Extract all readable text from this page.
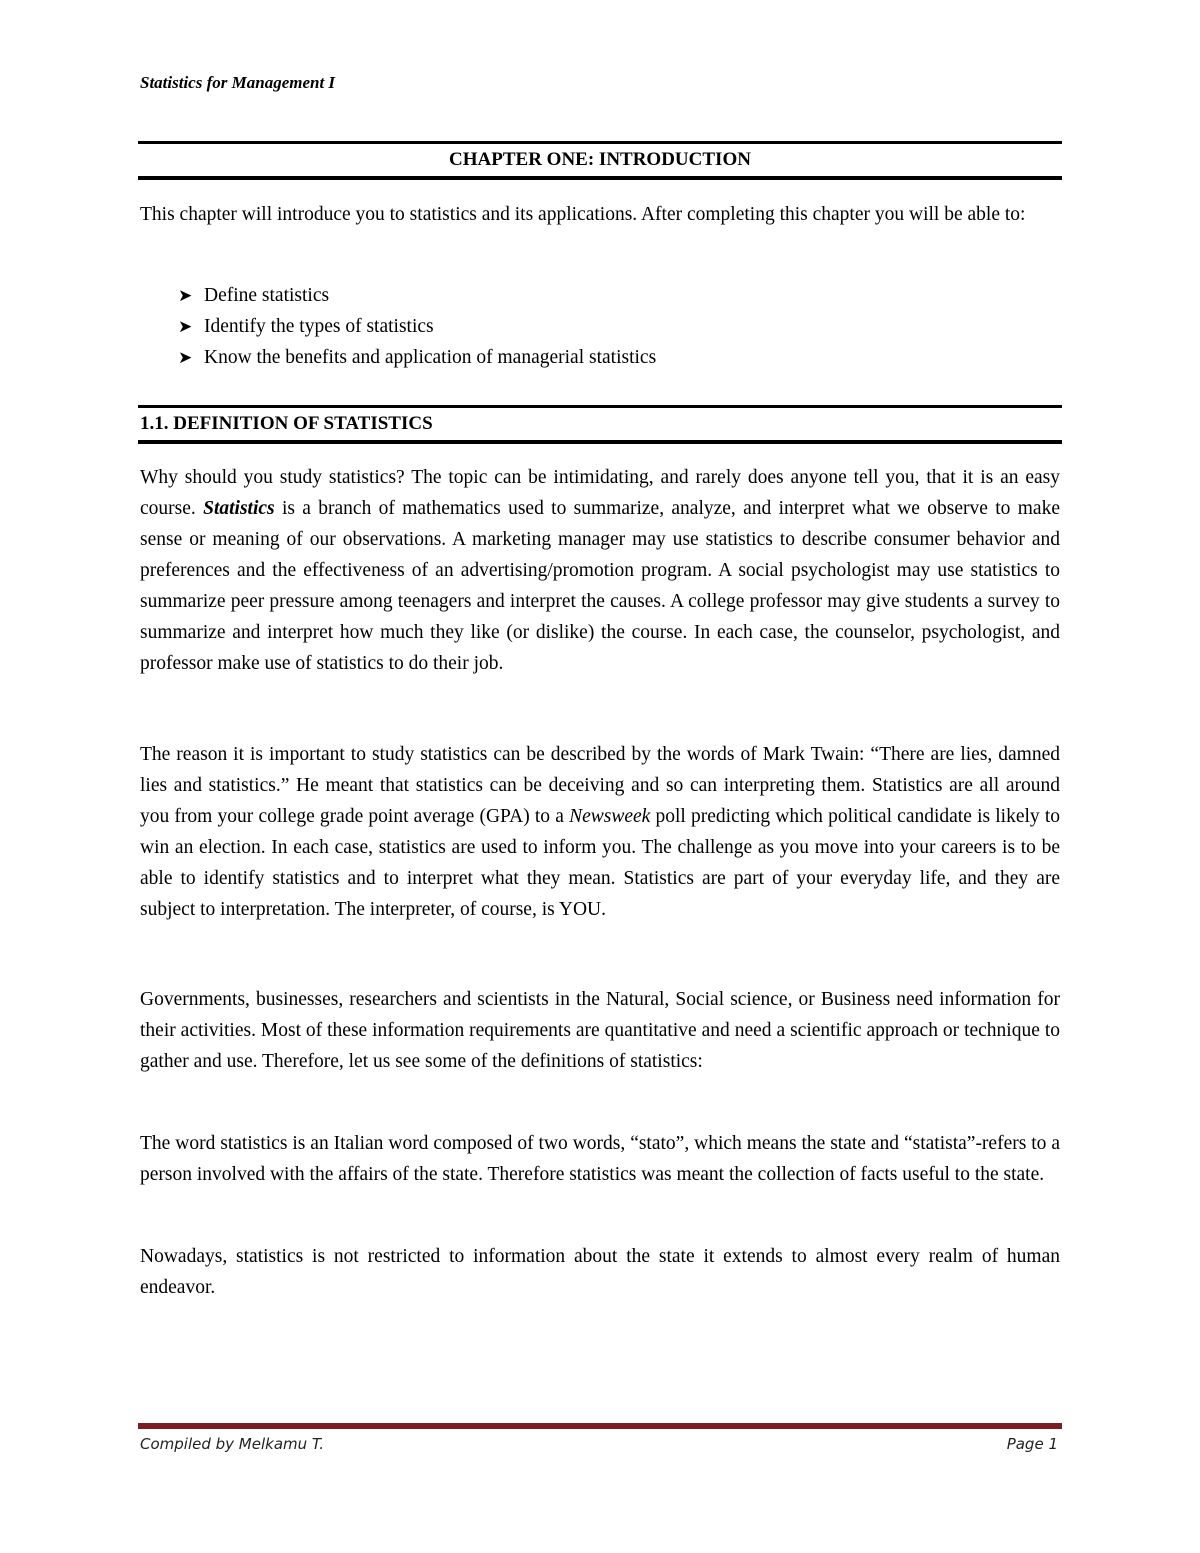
Statistics for Management I

CHAPTER ONE: INTRODUCTION

This chapter will introduce you to statistics and its applications. After completing this chapter you will be able to:

➤ Define statistics
➤ Identify the types of statistics
➤ Know the benefits and application of managerial statistics

1.1. DEFINITION OF STATISTICS

Why should you study statistics? The topic can be intimidating, and rarely does anyone tell you, that it is an easy course. Statistics is a branch of mathematics used to summarize, analyze, and interpret what we observe to make sense or meaning of our observations. A marketing manager may use statistics to describe consumer behavior and preferences and the effectiveness of an advertising/promotion program. A social psychologist may use statistics to summarize peer pressure among teenagers and interpret the causes. A college professor may give students a survey to summarize and interpret how much they like (or dislike) the course. In each case, the counselor, psychologist, and professor make use of statistics to do their job.

The reason it is important to study statistics can be described by the words of Mark Twain: “There are lies, damned lies and statistics.” He meant that statistics can be deceiving and so can interpreting them. Statistics are all around you from your college grade point average (GPA) to a Newsweek poll predicting which political candidate is likely to win an election. In each case, statistics are used to inform you. The challenge as you move into your careers is to be able to identify statistics and to interpret what they mean. Statistics are part of your everyday life, and they are subject to interpretation. The interpreter, of course, is YOU.

Governments, businesses, researchers and scientists in the Natural, Social science, or Business need information for their activities. Most of these information requirements are quantitative and need a scientific approach or technique to gather and use. Therefore, let us see some of the definitions of statistics:

The word statistics is an Italian word composed of two words, “stato”, which means the state and “statista”-refers to a person involved with the affairs of the state. Therefore statistics was meant the collection of facts useful to the state.

Nowadays, statistics is not restricted to information about the state it extends to almost every realm of human endeavor.

Compiled by Melkamu T.	Page 1
